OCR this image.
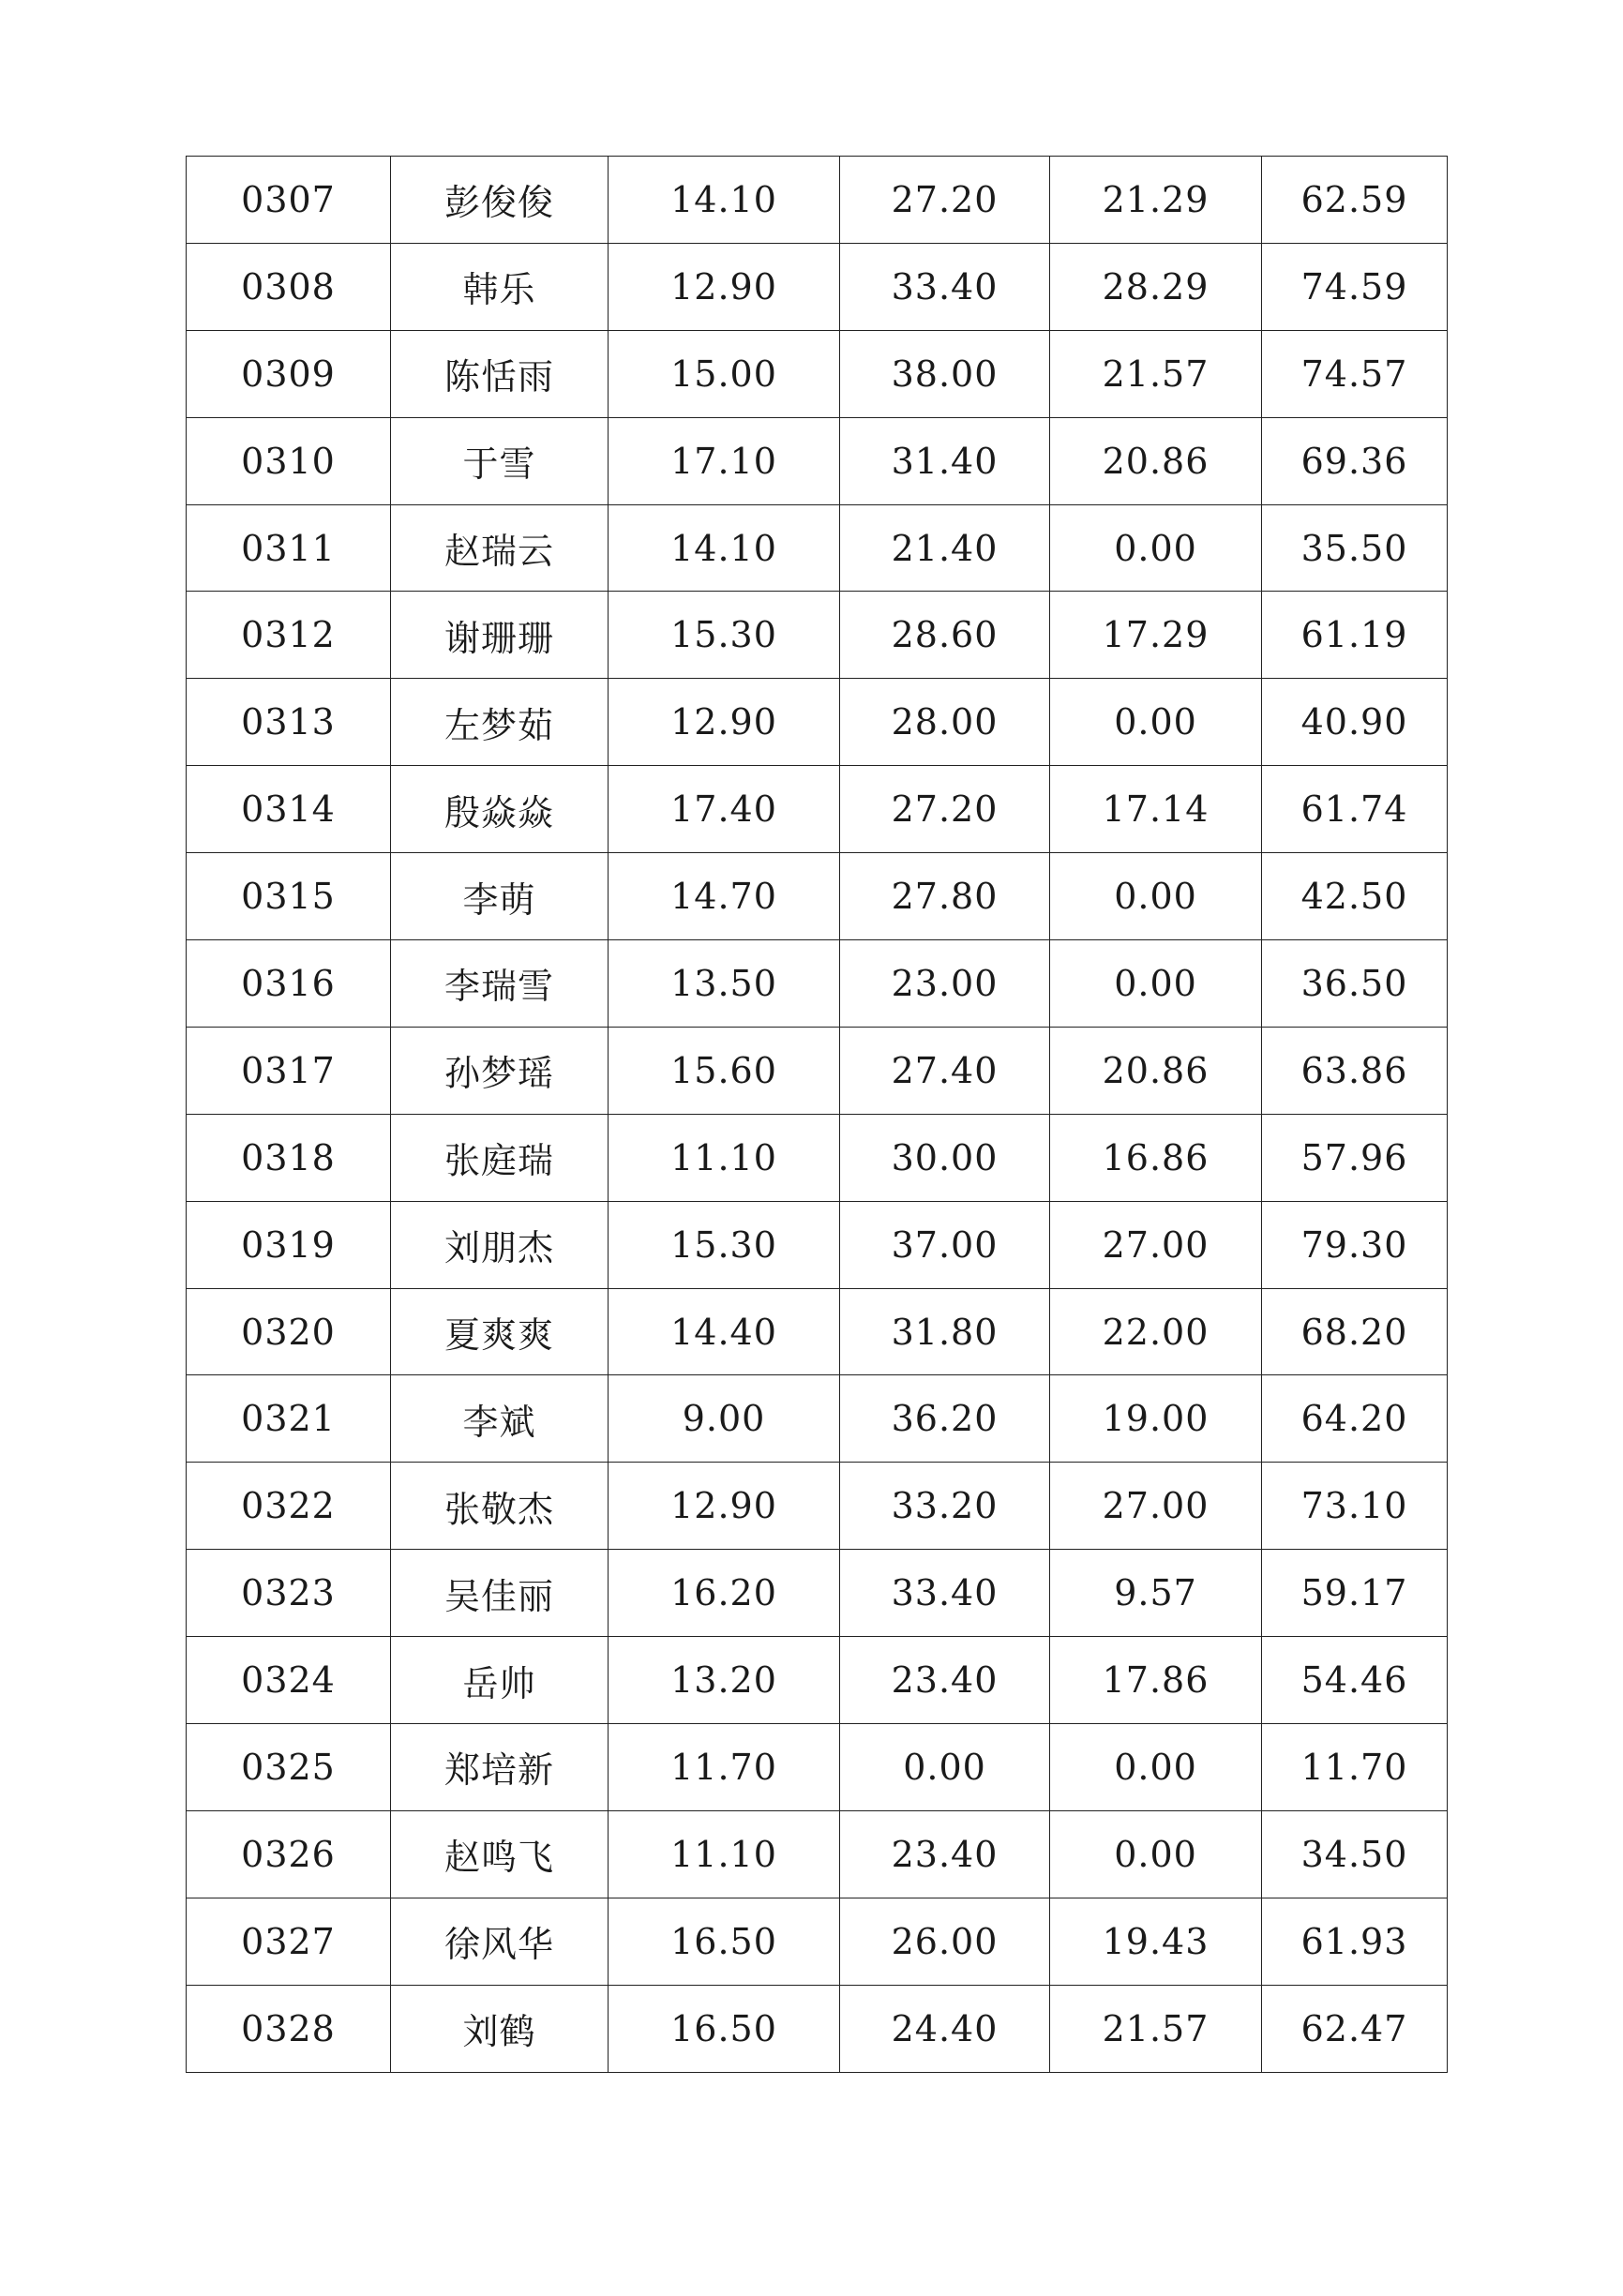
0307	彭俊俊	14.10	27.20	21.29	62.59
0308	韩乐	12.90	33.40	28.29	74.59
0309	陈恬雨	15.00	38.00	21.57	74.57
0310	于雪	17.10	31.40	20.86	69.36
0311	赵瑞云	14.10	21.40	0.00	35.50
0312	谢珊珊	15.30	28.60	17.29	61.19
0313	左梦茹	12.90	28.00	0.00	40.90
0314	殷焱焱	17.40	27.20	17.14	61.74
0315	李萌	14.70	27.80	0.00	42.50
0316	李瑞雪	13.50	23.00	0.00	36.50
0317	孙梦瑶	15.60	27.40	20.86	63.86
0318	张庭瑞	11.10	30.00	16.86	57.96
0319	刘朋杰	15.30	37.00	27.00	79.30
0320	夏爽爽	14.40	31.80	22.00	68.20
0321	李斌	9.00	36.20	19.00	64.20
0322	张敬杰	12.90	33.20	27.00	73.10
0323	吴佳丽	16.20	33.40	9.57	59.17
0324	岳帅	13.20	23.40	17.86	54.46
0325	郑培新	11.70	0.00	0.00	11.70
0326	赵鸣飞	11.10	23.40	0.00	34.50
0327	徐风华	16.50	26.00	19.43	61.93
0328	刘鹤	16.50	24.40	21.57	62.47
